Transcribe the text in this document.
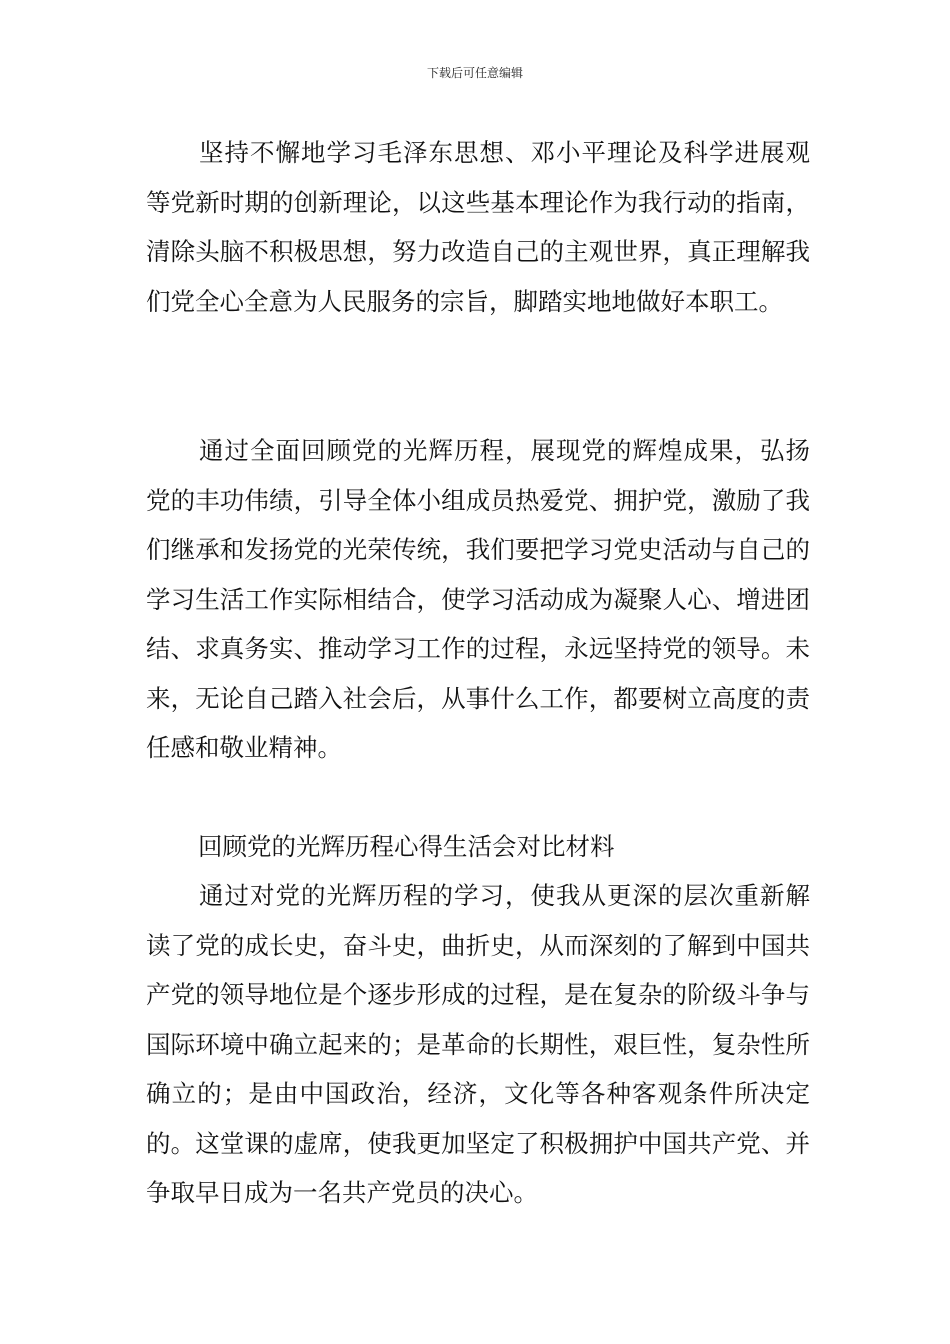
下载后可任意编辑

坚持不懈地学习毛泽东思想、邓小平理论及科学进展观等党新时期的创新理论，以这些基本理论作为我行动的指南，清除头脑不积极思想，努力改造自己的主观世界，真正理解我们党全心全意为人民服务的宗旨，脚踏实地地做好本职工。

通过全面回顾党的光辉历程，展现党的辉煌成果，弘扬党的丰功伟绩，引导全体小组成员热爱党、拥护党，激励了我们继承和发扬党的光荣传统，我们要把学习党史活动与自己的学习生活工作实际相结合，使学习活动成为凝聚人心、增进团结、求真务实、推动学习工作的过程，永远坚持党的领导。未来，无论自己踏入社会后，从事什么工作，都要树立高度的责任感和敬业精神。

回顾党的光辉历程心得生活会对比材料

通过对党的光辉历程的学习，使我从更深的层次重新解读了党的成长史，奋斗史，曲折史，从而深刻的了解到中国共产党的领导地位是个逐步形成的过程，是在复杂的阶级斗争与国际环境中确立起来的；是革命的长期性，艰巨性，复杂性所确立的；是由中国政治，经济，文化等各种客观条件所决定的。这堂课的虚席，使我更加坚定了积极拥护中国共产党、并争取早日成为一名共产党员的决心。
